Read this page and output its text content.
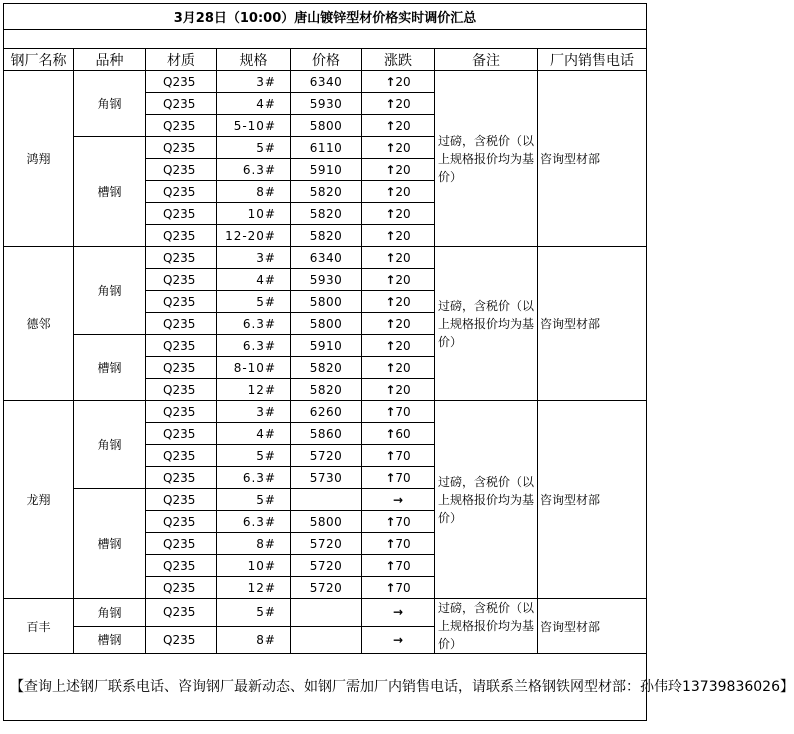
3月28日（10:00）唐山镀锌型材价格实时调价汇总							

钢厂名称	品种	材质	规格	价格	涨跌	备注	厂内销售电话
鸿翔	角钢	Q235	3#	6340	↑20	过磅，含税价（以上规格报价均为基价）	咨询型材部
		Q235	4#	5930	↑20
		Q235	5-10#	5800	↑20
	槽钢	Q235	5#	6110	↑20
		Q235	6.3#	5910	↑20
		Q235	8#	5820	↑20
		Q235	10#	5820	↑20
		Q235	12-20#	5820	↑20
德邻	角钢	Q235	3#	6340	↑20	过磅，含税价（以上规格报价均为基价）	咨询型材部
		Q235	4#	5930	↑20
		Q235	5#	5800	↑20
		Q235	6.3#	5800	↑20
	槽钢	Q235	6.3#	5910	↑20
		Q235	8-10#	5820	↑20
		Q235	12#	5820	↑20
龙翔	角钢	Q235	3#	6260	↑70	过磅，含税价（以上规格报价均为基价）	咨询型材部
		Q235	4#	5860	↑60
		Q235	5#	5720	↑70
		Q235	6.3#	5730	↑70
	槽钢	Q235	5#		→
		Q235	6.3#	5800	↑70
		Q235	8#	5720	↑70
		Q235	10#	5720	↑70
		Q235	12#	5720	↑70
百丰	角钢	Q235	5#		→	过磅，含税价（以上规格报价均为基价）	咨询型材部
	槽钢	Q235	8#		→
【查询上述钢厂联系电话、咨询钢厂最新动态、如钢厂需加厂内销售电话，请联系兰格钢铁网型材部：孙伟玲13739836026】							
